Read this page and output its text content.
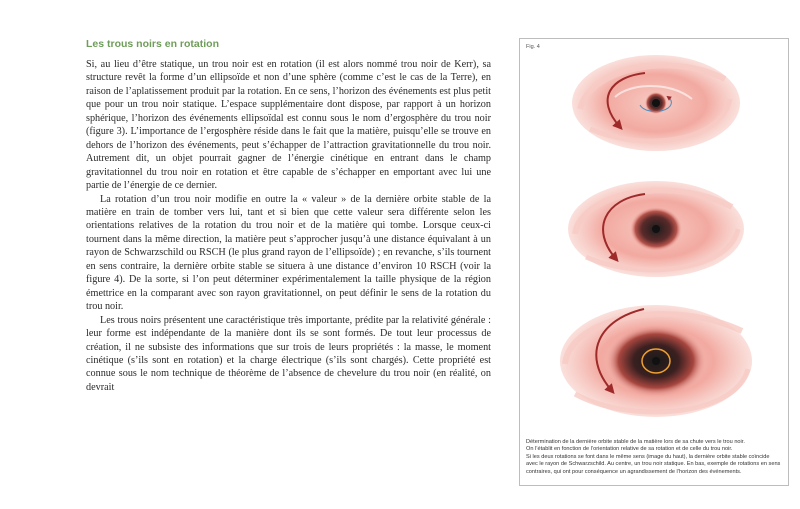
Les trous noirs en rotation

Si, au lieu d’être statique, un trou noir est en rotation (il est alors nommé trou noir de Kerr), sa structure revêt la forme d’un ellipsoïde et non d’une sphère (comme c’est le cas de la Terre), en raison de l’aplatissement produit par la rotation. En ce sens, l’horizon des événements est plus petit que pour un trou noir statique. L’espace supplémentaire dont dispose, par rapport à un horizon sphérique, l’horizon des événements ellipsoïdal est connu sous le nom d’ergosphère du trou noir (figure 3). L’importance de l’ergosphère réside dans le fait que la matière, puisqu’elle se trouve en dehors de l’horizon des événements, peut s’échapper de l’attraction gravitationnelle du trou noir. Autrement dit, un objet pourrait gagner de l’énergie cinétique en entrant dans le champ gravitationnel du trou noir en rotation et être capable de s’échapper en emportant avec lui une partie de l’énergie de ce dernier.

La rotation d’un trou noir modifie en outre la « valeur » de la dernière orbite stable de la matière en train de tomber vers lui, tant et si bien que cette valeur sera différente selon les orientations relatives de la rotation du trou noir et de la matière qui tombe. Lorsque ceux-ci tournent dans la même direction, la matière peut s’approcher jusqu’à une distance équivalant à un rayon de Schwarzschild ou RSCH (le plus grand rayon de l’ellipsoïde) ; en revanche, s’ils tournent en sens contraire, la dernière orbite stable se situera à une distance d’environ 10 RSCH (voir la figure 4). De la sorte, si l’on peut déterminer expérimentalement la taille physique de la région émettrice en la comparant avec son rayon gravitationnel, on peut définir le sens de la rotation du trou noir.

Les trous noirs présentent une caractéristique très importante, prédite par la relativité générale : leur forme est indépendante de la manière dont ils se sont formés. De tout leur processus de création, il ne subsiste des informations que sur trois de leurs propriétés : la masse, le moment cinétique (s’ils sont en rotation) et la charge électrique (s’ils sont chargés). Cette propriété est connue sous le nom technique de théorème de l’absence de chevelure du trou noir (en réalité, on devrait

Fig. 4

Détermination de la dernière orbite stable de la matière lors de sa chute vers le trou noir.

On l’établit en fonction de l’orientation relative de sa rotation et de celle du trou noir.

Si les deux rotations se font dans le même sens (image du haut), la dernière orbite stable coïncide avec le rayon de Schwarzschild. Au centre, un trou noir statique. En bas, exemple de rotations en sens contraires, qui ont pour conséquence un agrandissement de l’horizon des événements.
